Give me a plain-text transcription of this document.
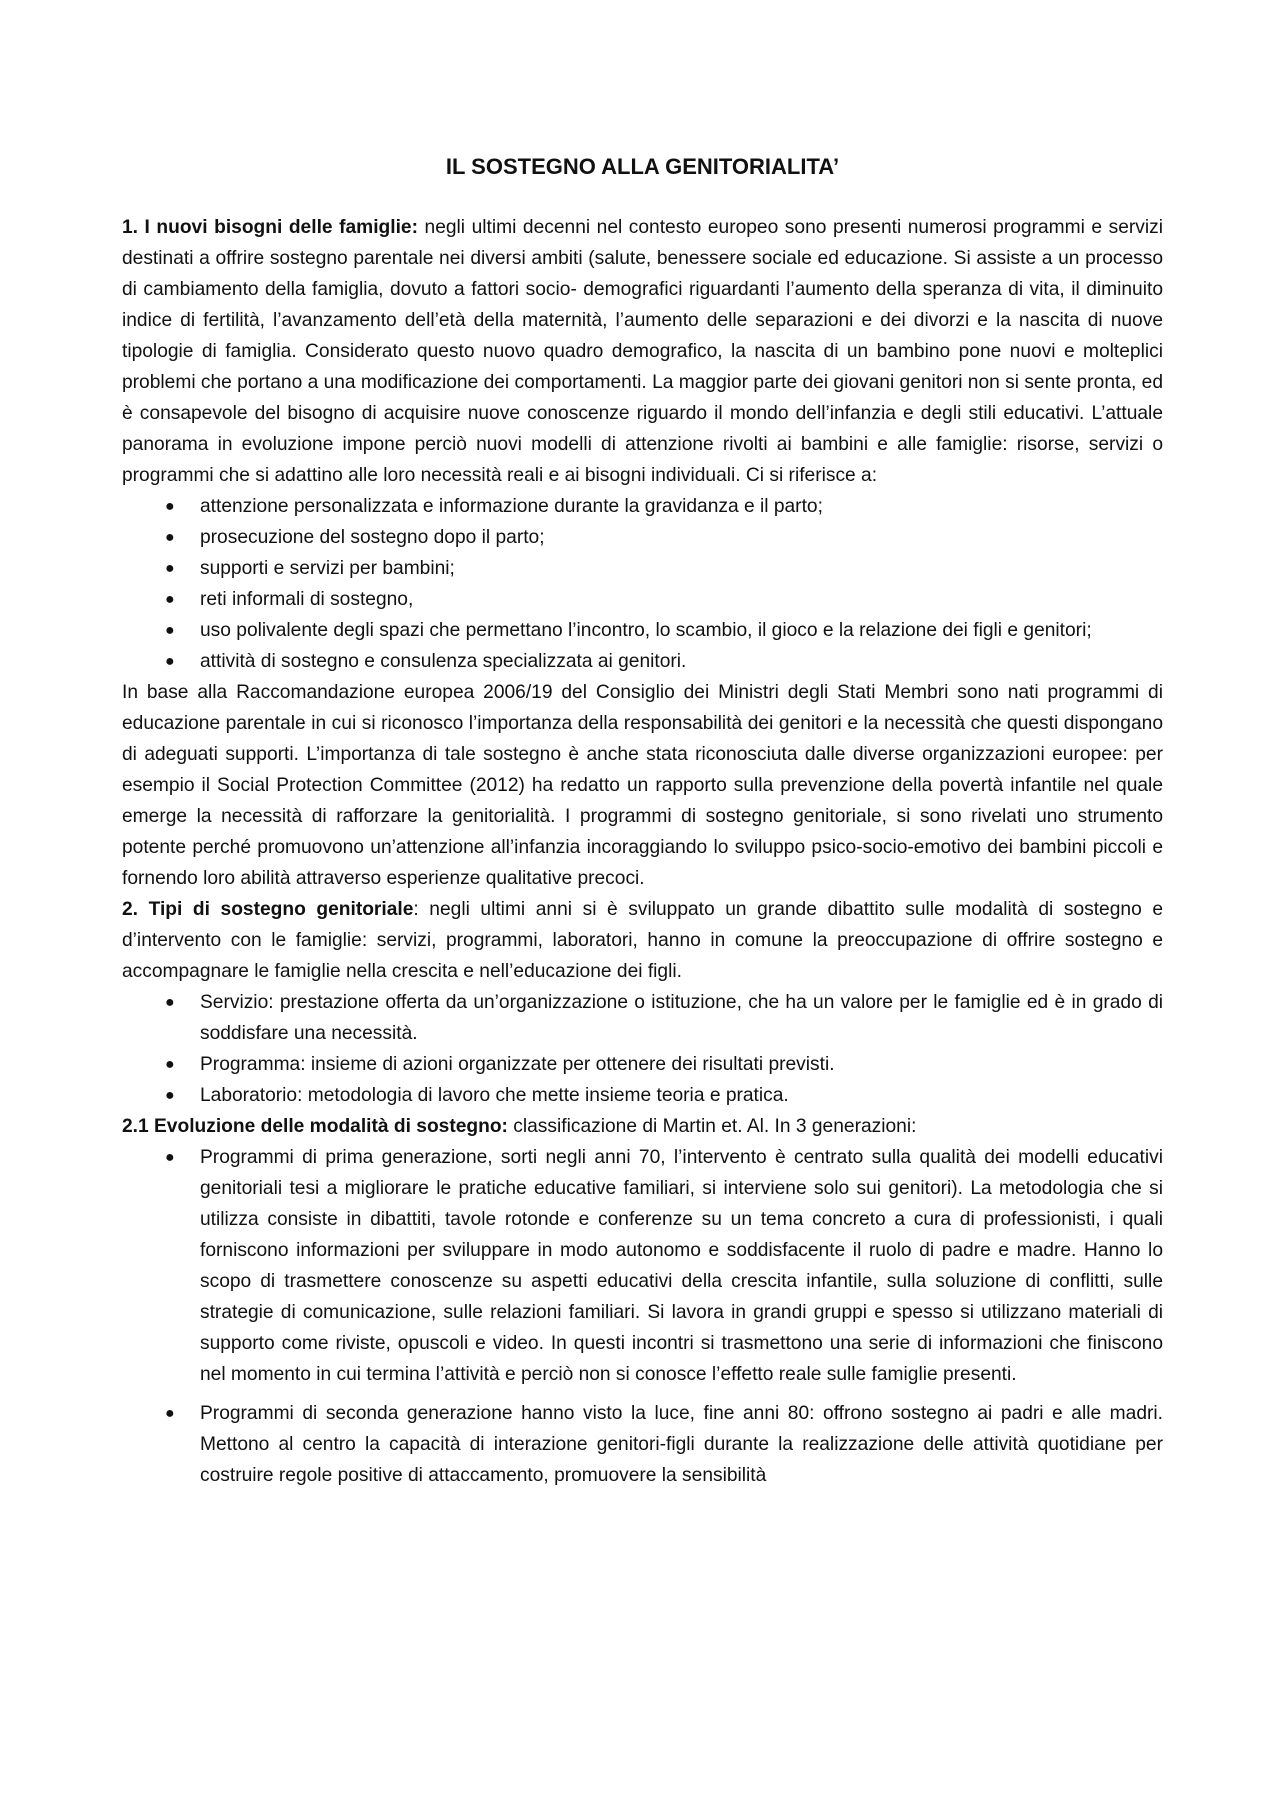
IL SOSTEGNO ALLA GENITORIALITA’

1. I nuovi bisogni delle famiglie: negli ultimi decenni nel contesto europeo sono presenti numerosi programmi e servizi destinati a offrire sostegno parentale nei diversi ambiti (salute, benessere sociale ed educazione. Si assiste a un processo di cambiamento della famiglia, dovuto a fattori socio- demografici riguardanti l’aumento della speranza di vita, il diminuito indice di fertilità, l’avanzamento dell’età della maternità, l’aumento delle separazioni e dei divorzi e la nascita di nuove tipologie di famiglia. Considerato questo nuovo quadro demografico, la nascita di un bambino pone nuovi e molteplici problemi che portano a una modificazione dei comportamenti. La maggior parte dei giovani genitori non si sente pronta, ed è consapevole del bisogno di acquisire nuove conoscenze riguardo il mondo dell’infanzia e degli stili educativi. L’attuale panorama in evoluzione impone perciò nuovi modelli di attenzione rivolti ai bambini e alle famiglie: risorse, servizi o programmi che si adattino alle loro necessità reali e ai bisogni individuali. Ci si riferisce a:

●	attenzione personalizzata e informazione durante la gravidanza e il parto;
●	prosecuzione del sostegno dopo il parto;
●	supporti e servizi per bambini;
●	reti informali di sostegno,
●	uso polivalente degli spazi che permettano l’incontro, lo scambio, il gioco e la relazione dei figli e genitori;
●	attività di sostegno e consulenza specializzata ai genitori.

In base alla Raccomandazione europea 2006/19 del Consiglio dei Ministri degli Stati Membri sono nati programmi di educazione parentale in cui si riconosco l’importanza della responsabilità dei genitori e la necessità che questi dispongano di adeguati supporti. L’importanza di tale sostegno è anche stata riconosciuta dalle diverse organizzazioni europee: per esempio il Social Protection Committee (2012) ha redatto un rapporto sulla prevenzione della povertà infantile nel quale emerge la necessità di rafforzare la genitorialità. I programmi di sostegno genitoriale, si sono rivelati uno strumento potente perché promuovono un’attenzione all’infanzia incoraggiando lo sviluppo psico-socio-emotivo dei bambini piccoli e fornendo loro abilità attraverso esperienze qualitative precoci.

2. Tipi di sostegno genitoriale: negli ultimi anni si è sviluppato un grande dibattito sulle modalità di sostegno e d’intervento con le famiglie: servizi, programmi, laboratori, hanno in comune la preoccupazione di offrire sostegno e accompagnare le famiglie nella crescita e nell’educazione dei figli.

●	Servizio: prestazione offerta da un’organizzazione o istituzione, che ha un valore per le famiglie ed è in grado di soddisfare una necessità.
●	Programma: insieme di azioni organizzate per ottenere dei risultati previsti.
●	Laboratorio: metodologia di lavoro che mette insieme teoria e pratica.

2.1 Evoluzione delle modalità di sostegno: classificazione di Martin et. Al. In 3 generazioni:

●	Programmi di prima generazione, sorti negli anni 70, l’intervento è centrato sulla qualità dei modelli educativi genitoriali tesi a migliorare le pratiche educative familiari, si interviene solo sui genitori). La metodologia che si utilizza consiste in dibattiti, tavole rotonde e conferenze su un tema concreto a cura di professionisti, i quali forniscono informazioni per sviluppare in modo autonomo e soddisfacente il ruolo di padre e madre. Hanno lo scopo di trasmettere conoscenze su aspetti educativi della crescita infantile, sulla soluzione di conflitti, sulle strategie di comunicazione, sulle relazioni familiari. Si lavora in grandi gruppi e spesso si utilizzano materiali di supporto come riviste, opuscoli e video. In questi incontri si trasmettono una serie di informazioni che finiscono nel momento in cui termina l’attività e perciò non si conosce l’effetto reale sulle famiglie presenti.
●	Programmi di seconda generazione hanno visto la luce, fine anni 80: offrono sostegno ai padri e alle madri. Mettono al centro la capacità di interazione genitori-figli durante la realizzazione delle attività quotidiane per costruire regole positive di attaccamento, promuovere la sensibilità
